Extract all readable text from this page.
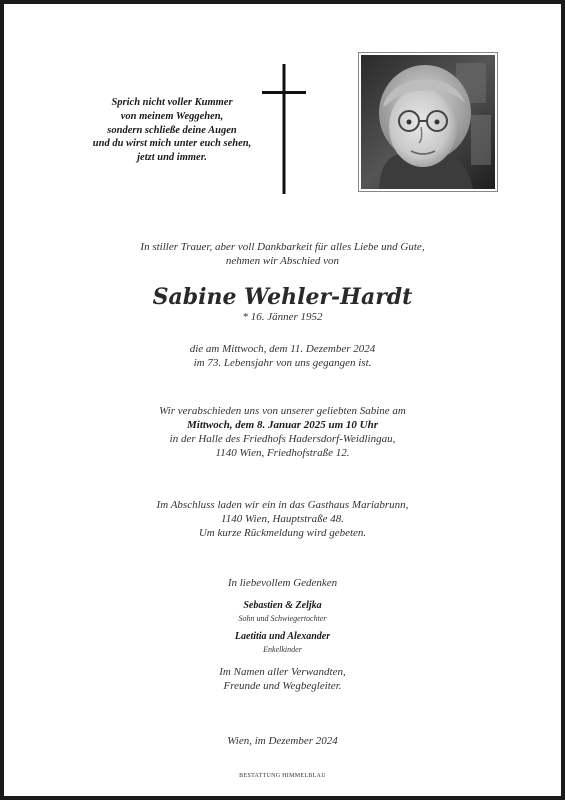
Sprich nicht voller Kummer
von meinem Weggehen,
sondern schließe deine Augen
und du wirst mich unter euch sehen,
jetzt und immer.
In stiller Trauer, aber voll Dankbarkeit für alles Liebe und Gute,
nehmen wir Abschied von
Sabine Wehler-Hardt
* 16. Jänner 1952
die am Mittwoch, dem 11. Dezember 2024
im 73. Lebensjahr von uns gegangen ist.
Wir verabschieden uns von unserer geliebten Sabine am
Mittwoch, dem 8. Januar 2025 um 10 Uhr
in der Halle des Friedhofs Hadersdorf-Weidlingau,
1140 Wien, Friedhofstraße 12.
Im Abschluss laden wir ein in das Gasthaus Mariabrunn,
1140 Wien, Hauptstraße 48.
Um kurze Rückmeldung wird gebeten.
In liebevollem Gedenken
Sebastien & Zeljka
Sohn und Schwiegertochter
Laetitia und Alexander
Enkelkinder
Im Namen aller Verwandten,
Freunde und Wegbegleiter.
Wien, im Dezember 2024
BESTATTUNG HIMMELBLAU
